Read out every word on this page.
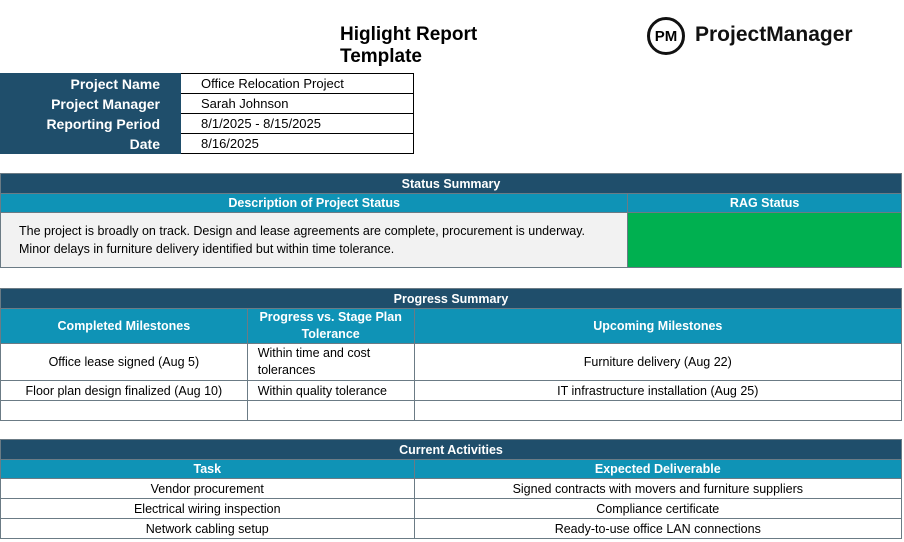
Higlight Report Template
PM ProjectManager
Project Name	Office Relocation Project
Project Manager	Sarah Johnson
Reporting Period	8/1/2025 - 8/15/2025
Date	8/16/2025
Status Summary	
Description of Project Status	RAG Status
The project is broadly on track. Design and lease agreements are complete, procurement is underway. Minor delays in furniture delivery identified but within time tolerance.	
Progress Summary		
Completed Milestones	Progress vs. Stage Plan Tolerance	Upcoming Milestones
Office lease signed (Aug 5)	Within time and cost tolerances	Furniture delivery (Aug 22)
Floor plan design finalized (Aug 10)	Within quality tolerance	IT infrastructure installation (Aug 25)

Current Activities	
Task	Expected Deliverable
Vendor procurement	Signed contracts with movers and furniture suppliers
Electrical wiring inspection	Compliance certificate
Network cabling setup	Ready-to-use office LAN connections
